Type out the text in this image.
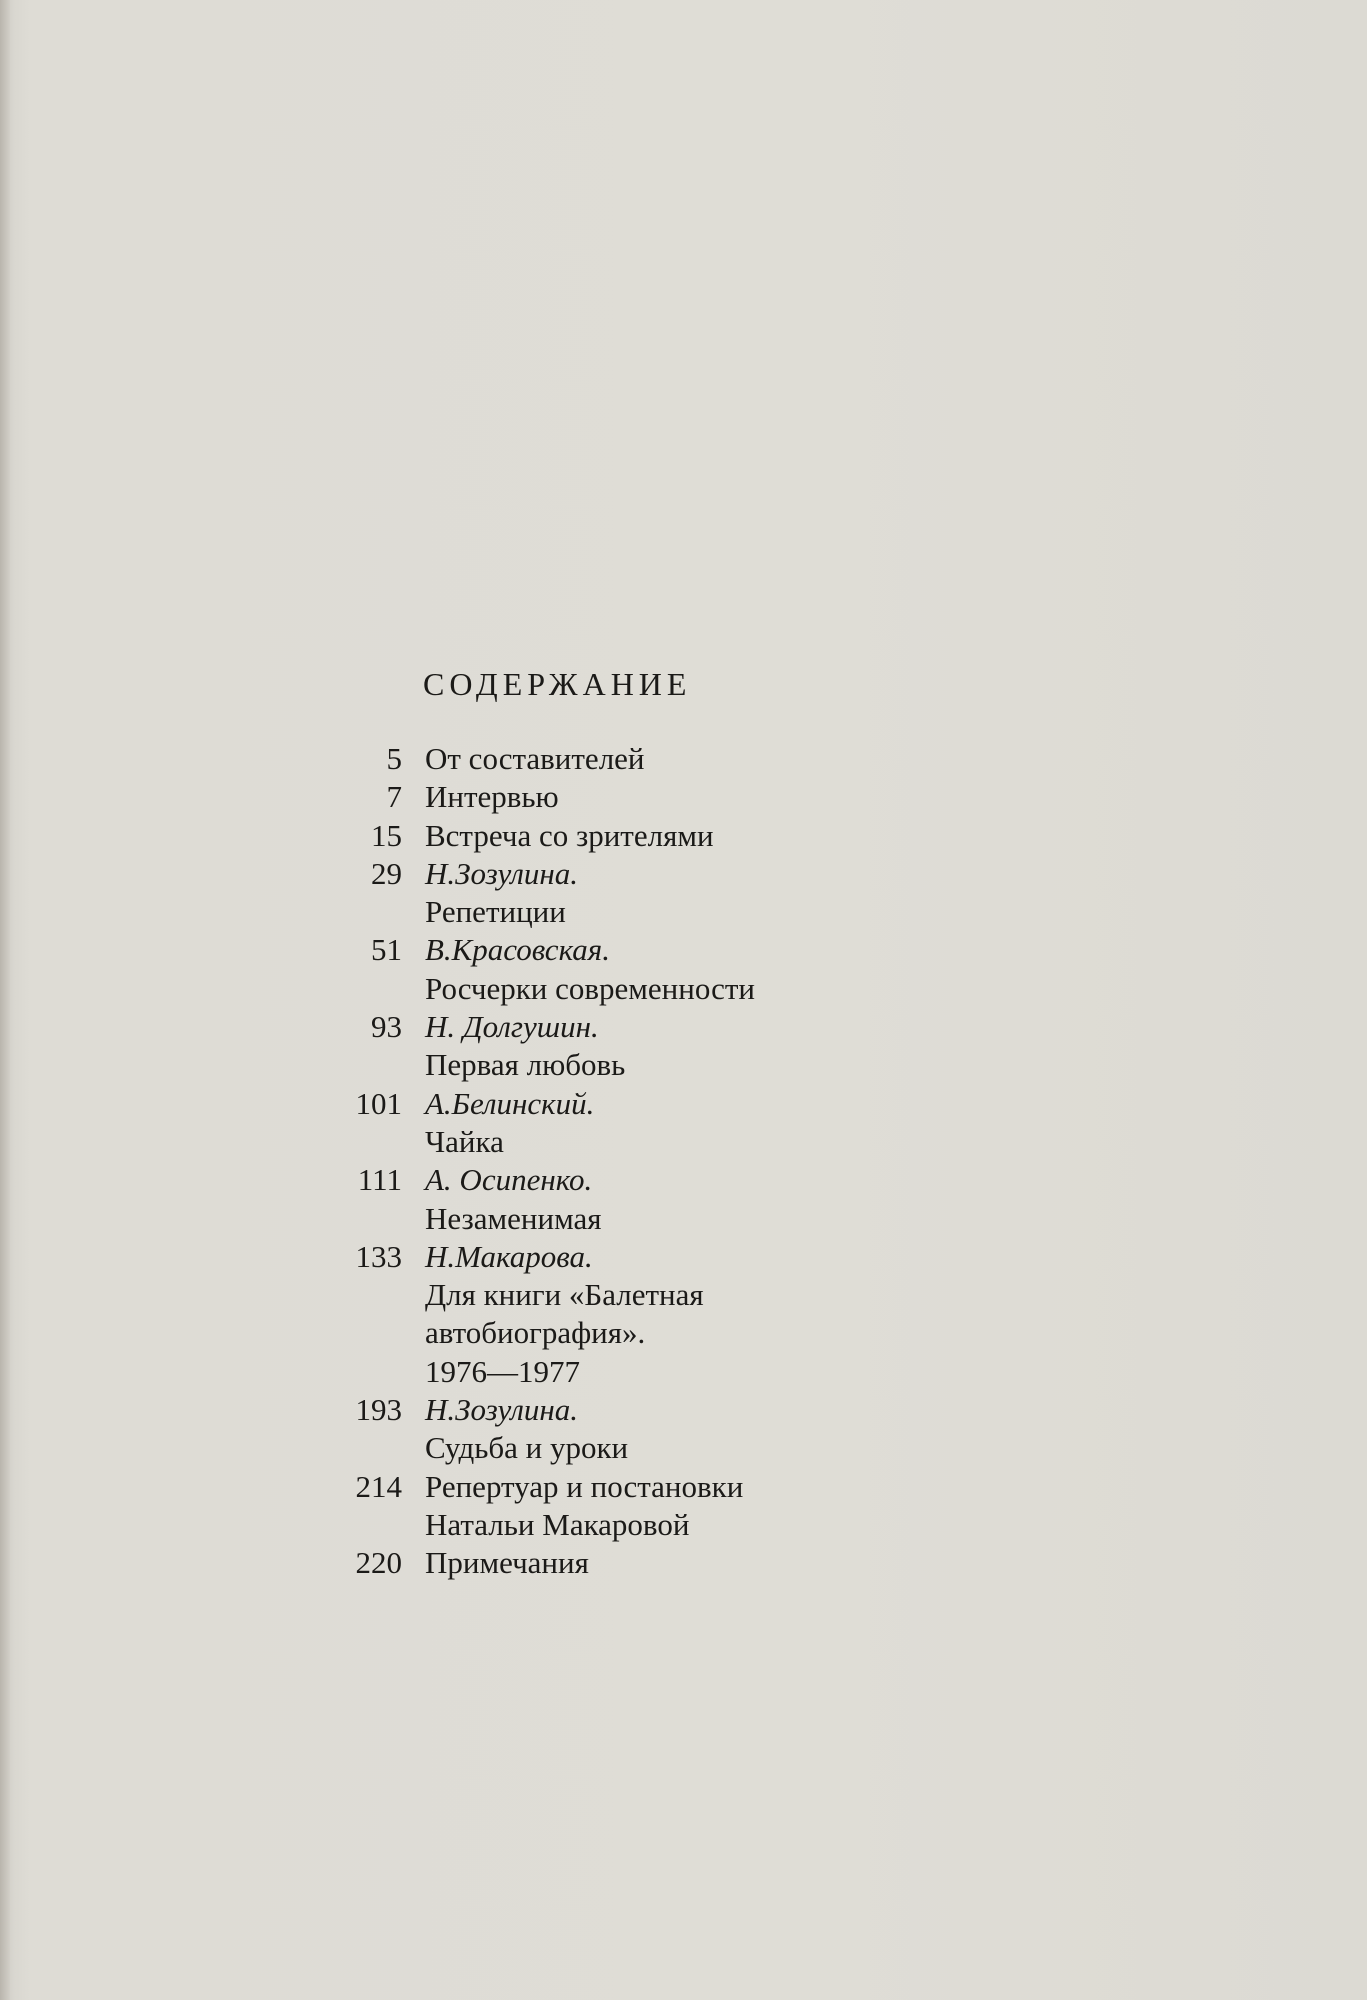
СОДЕРЖАНИЕ
5 От составителей
7 Интервью
15 Встреча со зрителями
29 Н.Зозулина.
Репетиции
51 В.Красовская.
Росчерки современности
93 Н. Долгушин.
Первая любовь
101 А.Белинский.
Чайка
111 А. Осипенко.
Незаменимая
133 Н.Макарова.
Для книги «Балетная
автобиография».
1976—1977
193 Н.Зозулина.
Судьба и уроки
214 Репертуар и постановки
Натальи Макаровой
220 Примечания
